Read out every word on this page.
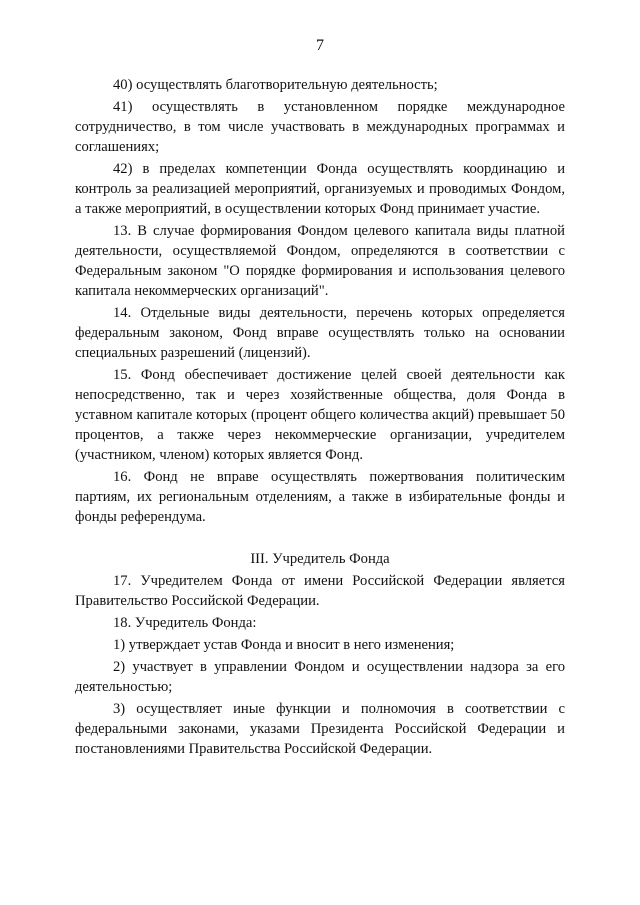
7

40) осуществлять благотворительную деятельность;

41) осуществлять в установленном порядке международное сотрудничество, в том числе участвовать в международных программах и соглашениях;

42) в пределах компетенции Фонда осуществлять координацию и контроль за реализацией мероприятий, организуемых и проводимых Фондом, а также мероприятий, в осуществлении которых Фонд принимает участие.

13. В случае формирования Фондом целевого капитала виды платной деятельности, осуществляемой Фондом, определяются в соответствии с Федеральным законом "О порядке формирования и использования целевого капитала некоммерческих организаций".

14. Отдельные виды деятельности, перечень которых определяется федеральным законом, Фонд вправе осуществлять только на основании специальных разрешений (лицензий).

15. Фонд обеспечивает достижение целей своей деятельности как непосредственно, так и через хозяйственные общества, доля Фонда в уставном капитале которых (процент общего количества акций) превышает 50 процентов, а также через некоммерческие организации, учредителем (участником, членом) которых является Фонд.

16. Фонд не вправе осуществлять пожертвования политическим партиям, их региональным отделениям, а также в избирательные фонды и фонды референдума.

III. Учредитель Фонда

17. Учредителем Фонда от имени Российской Федерации является Правительство Российской Федерации.

18. Учредитель Фонда:

1) утверждает устав Фонда и вносит в него изменения;

2) участвует в управлении Фондом и осуществлении надзора за его деятельностью;

3) осуществляет иные функции и полномочия в соответствии с федеральными законами, указами Президента Российской Федерации и постановлениями Правительства Российской Федерации.
